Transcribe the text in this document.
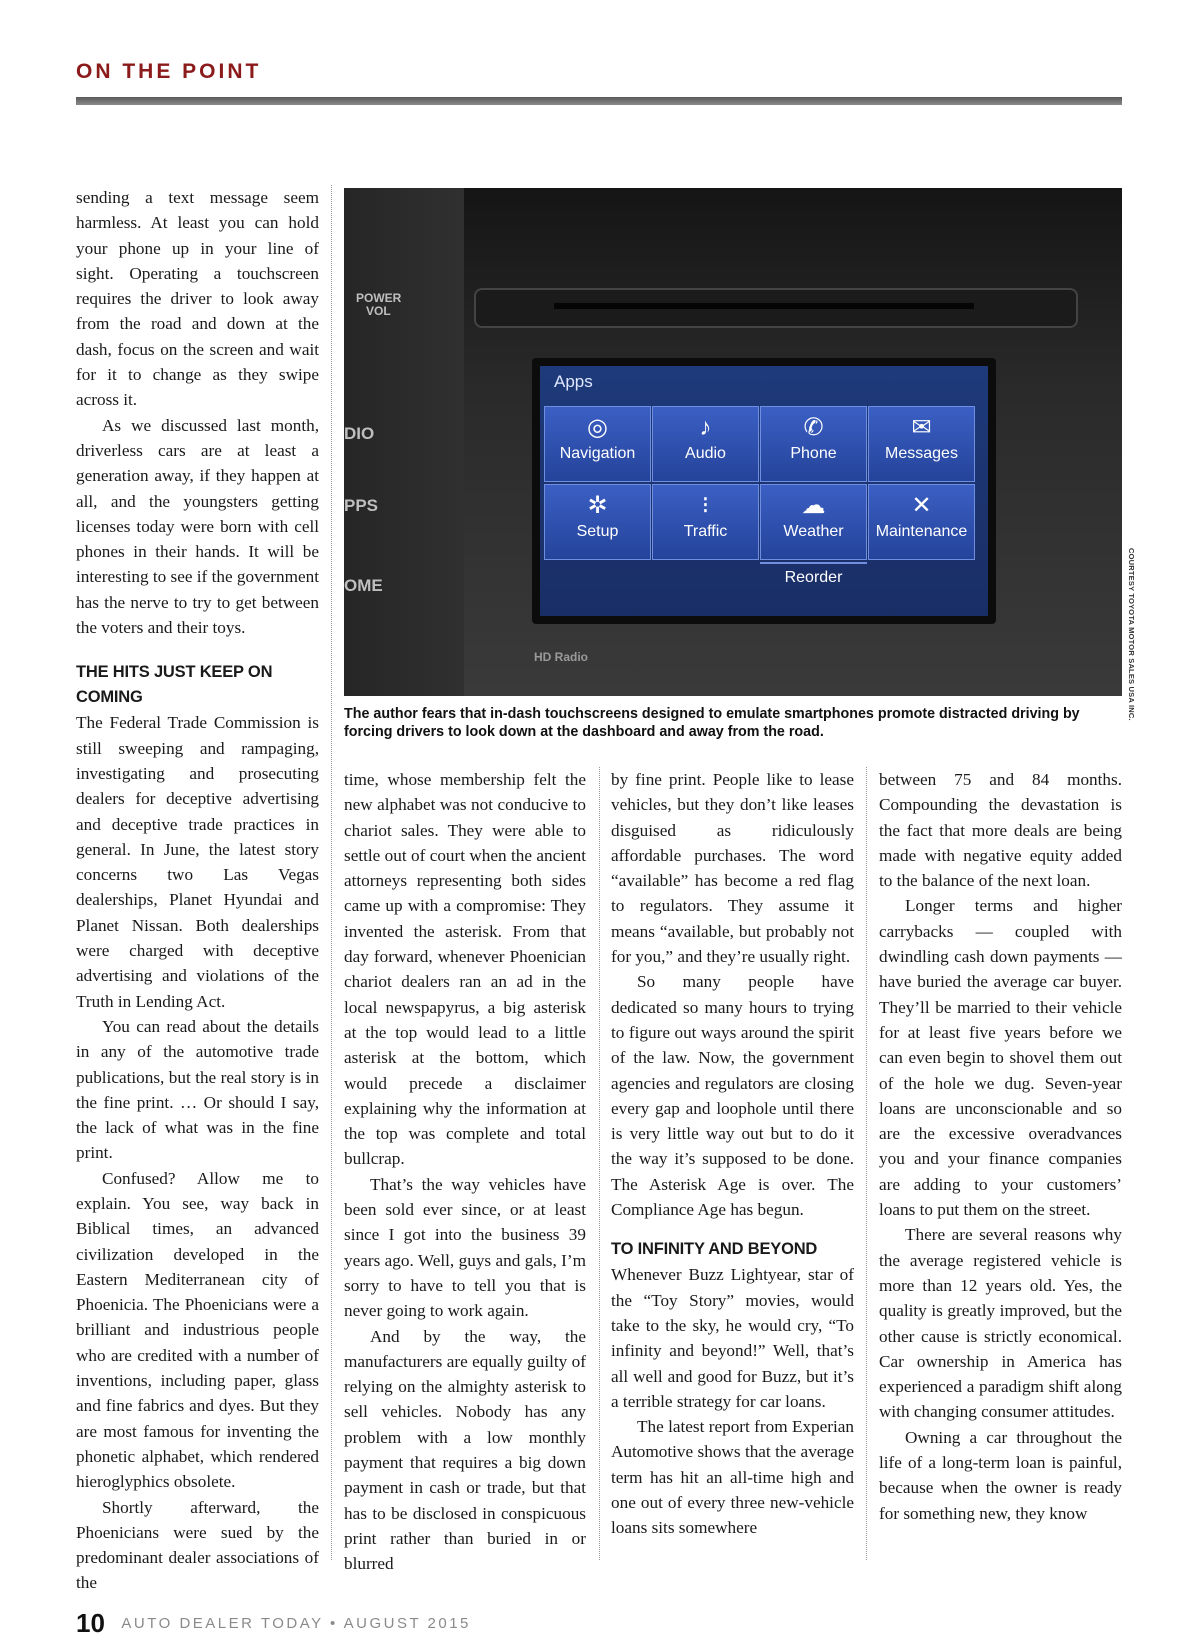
ON THE POINT

sending a text message seem harmless. At least you can hold your phone up in your line of sight. Operating a touchscreen requires the driver to look away from the road and down at the dash, focus on the screen and wait for it to change as they swipe across it.

As we discussed last month, driverless cars are at least a generation away, if they happen at all, and the youngsters getting licenses today were born with cell phones in their hands. It will be interesting to see if the government has the nerve to try to get between the voters and their toys.

THE HITS JUST KEEP ON COMING

The Federal Trade Commission is still sweeping and rampaging, investigating and prosecuting dealers for deceptive advertising and deceptive trade practices in general. In June, the latest story concerns two Las Vegas dealerships, Planet Hyundai and Planet Nissan. Both dealerships were charged with deceptive advertising and violations of the Truth in Lending Act.

You can read about the details in any of the automotive trade publications, but the real story is in the fine print. … Or should I say, the lack of what was in the fine print.

Confused? Allow me to explain. You see, way back in Biblical times, an advanced civilization developed in the Eastern Mediterranean city of Phoenicia. The Phoenicians were a brilliant and industrious people who are credited with a number of inventions, including paper, glass and fine fabrics and dyes. But they are most famous for inventing the phonetic alphabet, which rendered hieroglyphics obsolete.

Shortly afterward, the Phoenicians were sued by the predominant dealer associations of the

POWER
VOL
DIO
PPS
OME
Apps
◎
Navigation
♪
Audio
✆
Phone
✉
Messages
✲
Setup
⁝
Traffic
☁
Weather
✕
Maintenance
Reorder
HD Radio	COURTESY TOYOTA MOTOR SALES USA INC.
The author fears that in-dash touchscreens designed to emulate smartphones promote distracted driving by forcing drivers to look down at the dashboard and away from the road.

time, whose membership felt the new alphabet was not conducive to chariot sales. They were able to settle out of court when the ancient attorneys representing both sides came up with a compromise: They invented the asterisk. From that day forward, whenever Phoenician chariot dealers ran an ad in the local newspapyrus, a big asterisk at the top would lead to a little asterisk at the bottom, which would precede a disclaimer explaining why the information at the top was complete and total bullcrap.

That’s the way vehicles have been sold ever since, or at least since I got into the business 39 years ago. Well, guys and gals, I’m sorry to have to tell you that is never going to work again.

And by the way, the manufacturers are equally guilty of relying on the almighty asterisk to sell vehicles. Nobody has any problem with a low monthly payment that requires a big down payment in cash or trade, but that has to be disclosed in conspicuous print rather than buried in or blurred

by fine print. People like to lease vehicles, but they don’t like leases disguised as ridiculously affordable purchases. The word “available” has become a red flag to regulators. They assume it means “available, but probably not for you,” and they’re usually right.

So many people have dedicated so many hours to trying to figure out ways around the spirit of the law. Now, the government agencies and regulators are closing every gap and loophole until there is very little way out but to do it the way it’s supposed to be done. The Asterisk Age is over. The Compliance Age has begun.

TO INFINITY AND BEYOND

Whenever Buzz Lightyear, star of the “Toy Story” movies, would take to the sky, he would cry, “To infinity and beyond!” Well, that’s all well and good for Buzz, but it’s a terrible strategy for car loans.

The latest report from Experian Automotive shows that the average term has hit an all-time high and one out of every three new-vehicle loans sits somewhere

between 75 and 84 months. Compounding the devastation is the fact that more deals are being made with negative equity added to the balance of the next loan.

Longer terms and higher carrybacks — coupled with dwindling cash down payments — have buried the average car buyer. They’ll be married to their vehicle for at least five years before we can even begin to shovel them out of the hole we dug. Seven-year loans are unconscionable and so are the excessive overadvances you and your finance companies are adding to your customers’ loans to put them on the street.

There are several reasons why the average registered vehicle is more than 12 years old. Yes, the quality is greatly improved, but the other cause is strictly economical. Car ownership in America has experienced a paradigm shift along with changing consumer attitudes.

Owning a car throughout the life of a long-term loan is painful, because when the owner is ready for something new, they know

10 AUTO DEALER TODAY • AUGUST 2015
